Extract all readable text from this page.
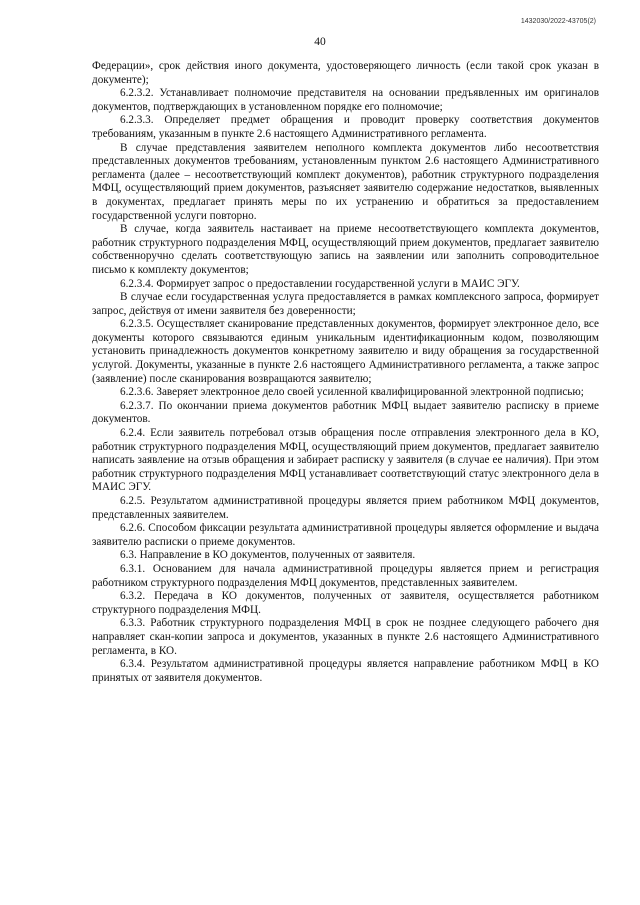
1432030/2022-43705(2)
40

Федерации», срок действия иного документа, удостоверяющего личность (если такой срок указан в документе);

6.2.3.2. Устанавливает полномочие представителя на основании предъявленных им оригиналов документов, подтверждающих в установленном порядке его полномочие;

6.2.3.3. Определяет предмет обращения и проводит проверку соответствия документов требованиям, указанным в пункте 2.6 настоящего Административного регламента.

В случае представления заявителем неполного комплекта документов либо несоответствия представленных документов требованиям, установленным пунктом 2.6 настоящего Административного регламента (далее – несоответствующий комплект документов), работник структурного подразделения МФЦ, осуществляющий прием документов, разъясняет заявителю содержание недостатков, выявленных в документах, предлагает принять меры по их устранению и обратиться за предоставлением государственной услуги повторно.

В случае, когда заявитель настаивает на приеме несоответствующего комплекта документов, работник структурного подразделения МФЦ, осуществляющий прием документов, предлагает заявителю собственноручно сделать соответствующую запись на заявлении или заполнить сопроводительное письмо к комплекту документов;

6.2.3.4. Формирует запрос о предоставлении государственной услуги в МАИС ЭГУ.

В случае если государственная услуга предоставляется в рамках комплексного запроса, формирует запрос, действуя от имени заявителя без доверенности;

6.2.3.5. Осуществляет сканирование представленных документов, формирует электронное дело, все документы которого связываются единым уникальным идентификационным кодом, позволяющим установить принадлежность документов конкретному заявителю и виду обращения за государственной услугой. Документы, указанные в пункте 2.6 настоящего Административного регламента, а также запрос (заявление) после сканирования возвращаются заявителю;

6.2.3.6. Заверяет электронное дело своей усиленной квалифицированной электронной подписью;

6.2.3.7. По окончании приема документов работник МФЦ выдает заявителю расписку в приеме документов.

6.2.4. Если заявитель потребовал отзыв обращения после отправления электронного дела в КО, работник структурного подразделения МФЦ, осуществляющий прием документов, предлагает заявителю написать заявление на отзыв обращения и забирает расписку у заявителя (в случае ее наличия). При этом работник структурного подразделения МФЦ устанавливает соответствующий статус электронного дела в МАИС ЭГУ.

6.2.5. Результатом административной процедуры является прием работником МФЦ документов, представленных заявителем.

6.2.6. Способом фиксации результата административной процедуры является оформление и выдача заявителю расписки о приеме документов.

6.3. Направление в КО документов, полученных от заявителя.

6.3.1. Основанием для начала административной процедуры является прием и регистрация работником структурного подразделения МФЦ документов, представленных заявителем.

6.3.2. Передача в КО документов, полученных от заявителя, осуществляется работником структурного подразделения МФЦ.

6.3.3. Работник структурного подразделения МФЦ в срок не позднее следующего рабочего дня направляет скан-копии запроса и документов, указанных в пункте 2.6 настоящего Административного регламента, в КО.

6.3.4. Результатом административной процедуры является направление работником МФЦ в КО принятых от заявителя документов.
